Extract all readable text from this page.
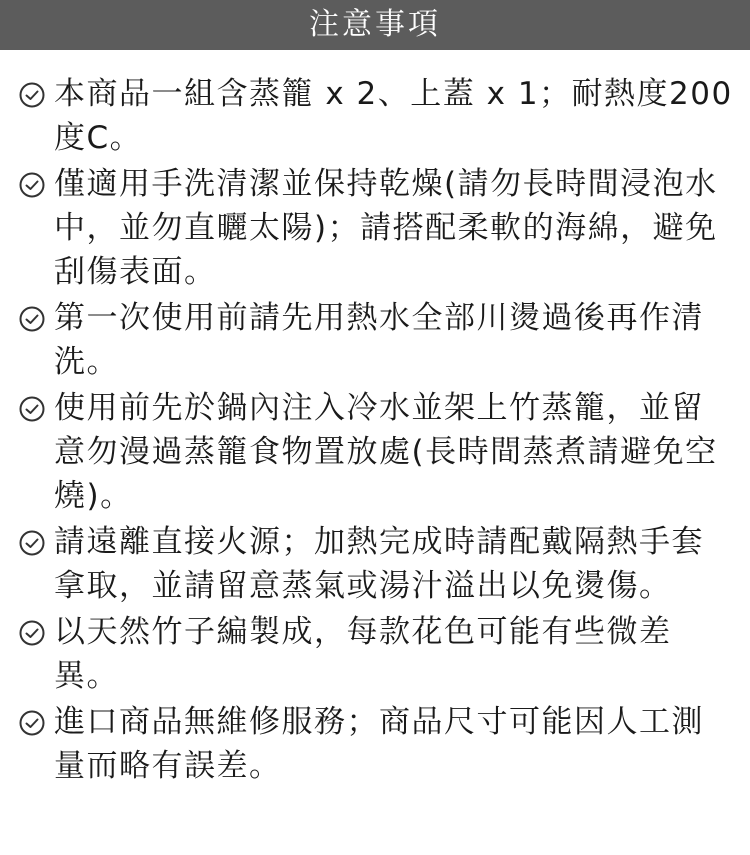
注意事項
本商品一組含蒸籠 x 2、上蓋 x 1；耐熱度200 度C。
僅適用手洗清潔並保持乾燥(請勿長時間浸泡水中，並勿直曬太陽)；請搭配柔軟的海綿，避免刮傷表面。
第一次使用前請先用熱水全部川燙過後再作清洗。
使用前先於鍋內注入冷水並架上竹蒸籠，並留意勿漫過蒸籠食物置放處(長時間蒸煮請避免空燒)。
請遠離直接火源；加熱完成時請配戴隔熱手套拿取，並請留意蒸氣或湯汁溢出以免燙傷。
以天然竹子編製成，每款花色可能有些微差異。
進口商品無維修服務；商品尺寸可能因人工測量而略有誤差。
